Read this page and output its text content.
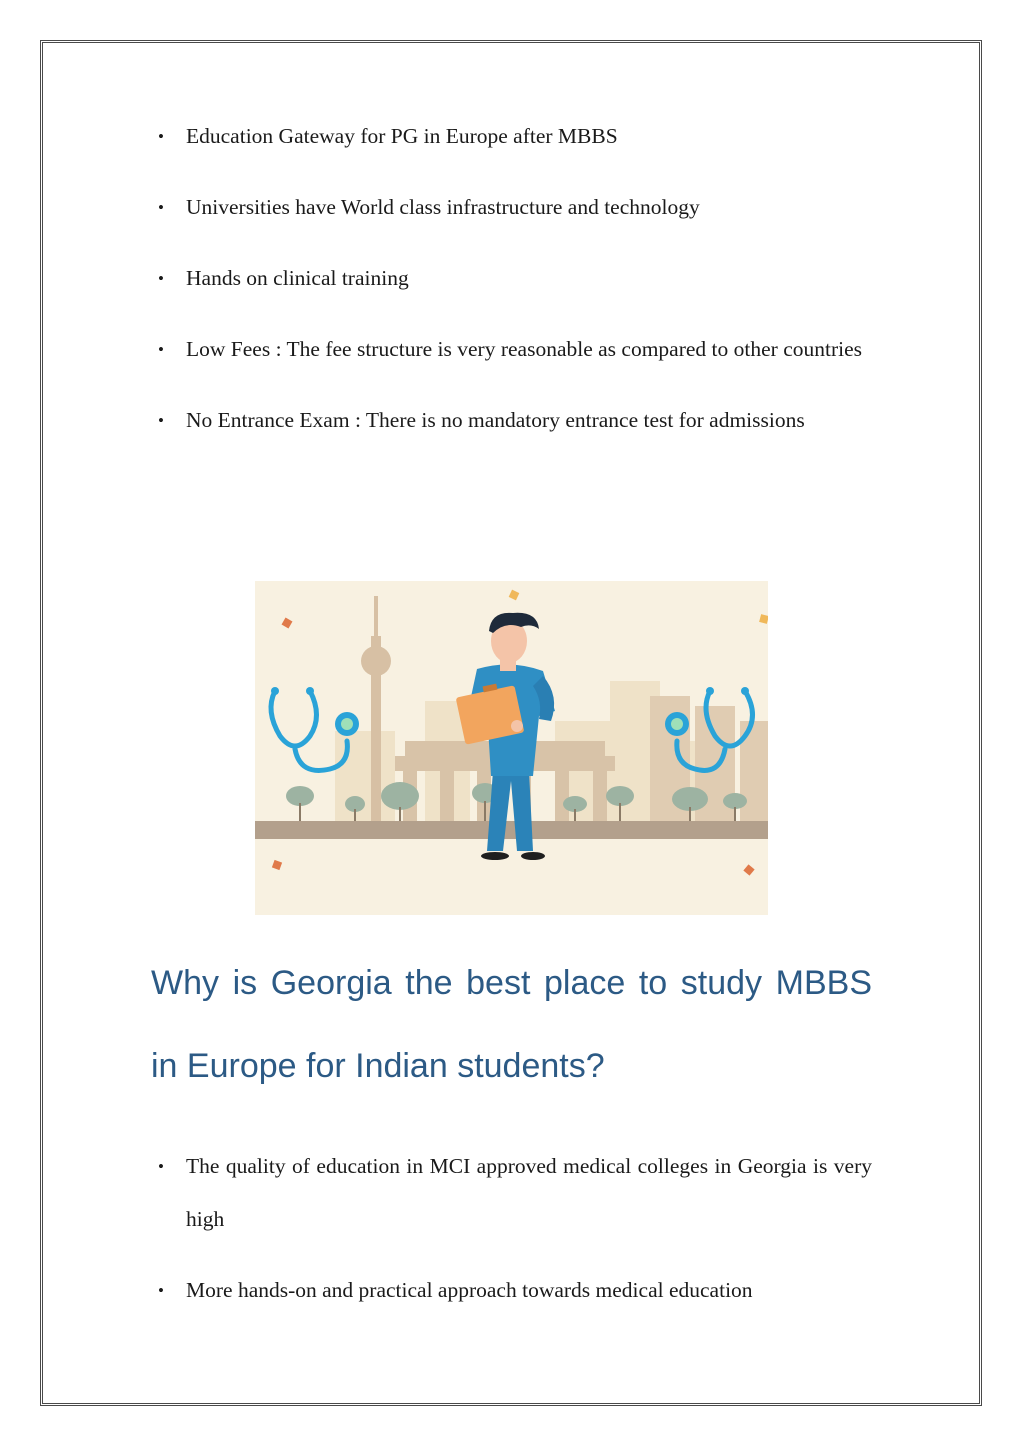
• Education Gateway for PG in Europe after MBBS
• Universities have World class infrastructure and technology
• Hands on clinical training
• Low Fees : The fee structure is very reasonable as compared to other countries
• No Entrance Exam : There is no mandatory entrance test for admissions
Why is Georgia the best place to study MBBS in Europe for Indian students?
• The quality of education in MCI approved medical colleges in Georgia is very high
• More hands-on and practical approach towards medical education
